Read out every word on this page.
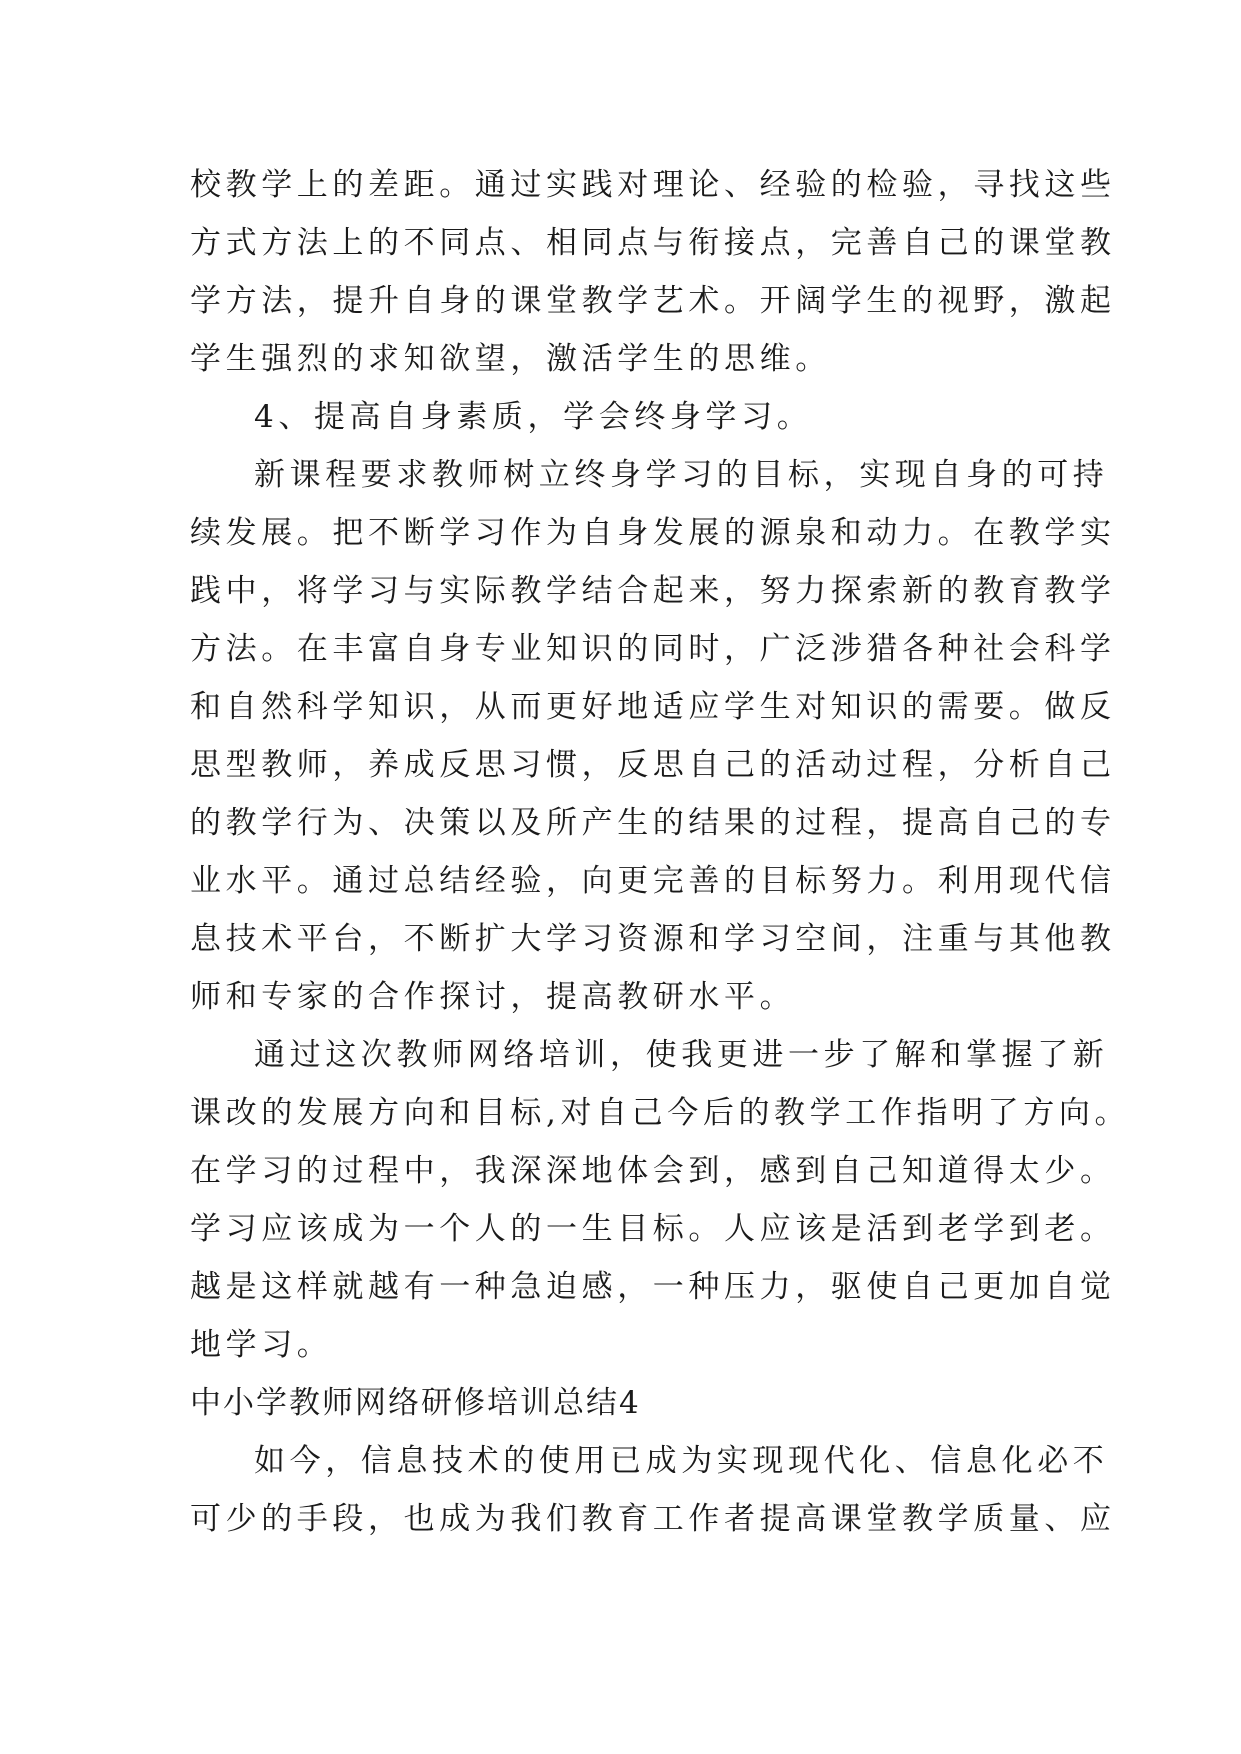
校教学上的差距。通过实践对理论、经验的检验，寻找这些
方式方法上的不同点、相同点与衔接点，完善自己的课堂教
学方法，提升自身的课堂教学艺术。开阔学生的视野，激起
学生强烈的求知欲望，激活学生的思维。
4、提高自身素质，学会终身学习。
新课程要求教师树立终身学习的目标，实现自身的可持
续发展。把不断学习作为自身发展的源泉和动力。在教学实
践中，将学习与实际教学结合起来，努力探索新的教育教学
方法。在丰富自身专业知识的同时，广泛涉猎各种社会科学
和自然科学知识，从而更好地适应学生对知识的需要。做反
思型教师，养成反思习惯，反思自己的活动过程，分析自己
的教学行为、决策以及所产生的结果的过程，提高自己的专
业水平。通过总结经验，向更完善的目标努力。利用现代信
息技术平台，不断扩大学习资源和学习空间，注重与其他教
师和专家的合作探讨，提高教研水平。
通过这次教师网络培训，使我更进一步了解和掌握了新
课改的发展方向和目标,对自己今后的教学工作指明了方向。
在学习的过程中，我深深地体会到，感到自己知道得太少。
学习应该成为一个人的一生目标。人应该是活到老学到老。
越是这样就越有一种急迫感，一种压力，驱使自己更加自觉
地学习。
中小学教师网络研修培训总结4
如今，信息技术的使用已成为实现现代化、信息化必不
可少的手段，也成为我们教育工作者提高课堂教学质量、应
